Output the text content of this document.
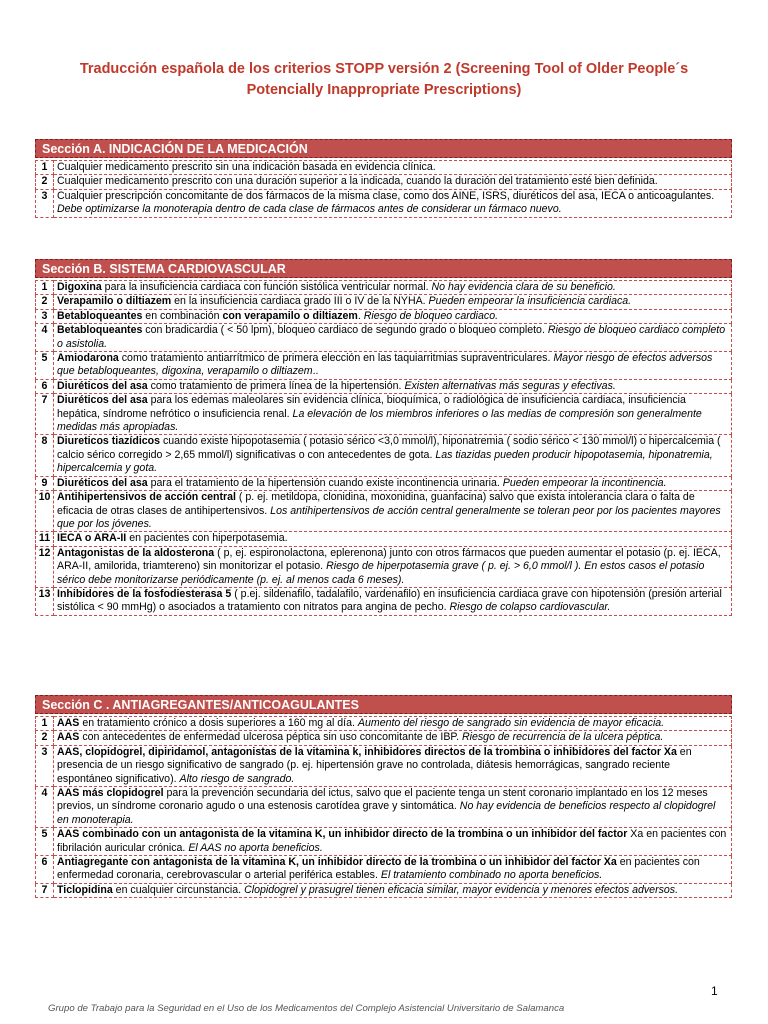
Traducción española de los criterios STOPP versión 2 (Screening Tool of Older People´s
Potencially Inappropriate Prescriptions)
Sección A. INDICACIÓN DE LA MEDICACIÓN
1	Cualquier medicamento prescrito sin una indicación basada en evidencia clínica.
2	Cualquier medicamento prescrito con una duración superior a la indicada, cuando la duración del tratamiento esté bien definida.
3	Cualquier prescripción concomitante de dos fármacos de la misma clase, como dos AINE, ISRS, diuréticos del asa, IECA o anticoagulantes. Debe optimizarse la monoterapia dentro de cada clase de fármacos antes de considerar un fármaco nuevo.
Sección B. SISTEMA CARDIOVASCULAR
1	Digoxina para la insuficiencia cardiaca con función sistólica ventricular normal. No hay evidencia clara de su beneficio.
2	Verapamilo o diltiazem en la insuficiencia cardiaca grado III o IV de la NYHA. Pueden empeorar la insuficiencia cardiaca.
3	Betabloqueantes en combinación con verapamilo o diltiazem. Riesgo de bloqueo cardiaco.
4	Betabloqueantes con bradicardia ( < 50 lpm), bloqueo cardiaco de segundo grado o bloqueo completo. Riesgo de bloqueo cardiaco completo o asistolia.
5	Amiodarona como tratamiento antiarrítmico de primera elección en las taquiarritmias supraventriculares. Mayor riesgo de efectos adversos que betabloqueantes, digoxina, verapamilo o diltiazem..
6	Diuréticos del asa como tratamiento de primera línea de la hipertensión. Existen alternativas más seguras y efectivas.
7	Diuréticos del asa para los edemas maleolares sin evidencia clínica, bioquímica, o radiológica de insuficiencia cardiaca, insuficiencia hepática, síndrome nefrótico o insuficiencia renal. La elevación de los miembros inferiores o las medias de compresión son generalmente medidas más apropiadas.
8	Diureticos tiazídicos cuando existe hipopotasemia ( potasio sérico <3,0 mmol/l), hiponatremia ( sodio sérico < 130 mmol/l) o hipercalcemia ( calcio sérico corregido > 2,65 mmol/l) significativas o con antecedentes de gota. Las tiazidas pueden producir hipopotasemia, hiponatremia, hipercalcemia y gota.
9	Diuréticos del asa para el tratamiento de la hipertensión cuando existe incontinencia urinaria. Pueden empeorar la incontinencia.
10	Antihipertensivos de acción central ( p. ej. metildopa, clonidina, moxonidina, guanfacina) salvo que exista intolerancia clara o falta de eficacia de otras clases de antihipertensivos. Los antihipertensivos de acción central generalmente se toleran peor por los pacientes mayores que por los jóvenes.
11	IECA o ARA-II en pacientes con hiperpotasemia.
12	Antagonistas de la aldosterona ( p, ej. espironolactona, eplerenona) junto con otros fármacos que pueden aumentar el potasio (p. ej. IECA, ARA-II, amilorida, triamtereno) sin monitorizar el potasio. Riesgo de hiperpotasemia grave ( p. ej. > 6,0 mmol/l ). En estos casos el potasio sérico debe monitorizarse periódicamente (p. ej. al menos cada 6 meses).
13	Inhibidores de la fosfodiesterasa 5 ( p.ej. sildenafilo, tadalafilo, vardenafilo) en insuficiencia cardiaca grave con hipotensión (presión arterial sistólica < 90 mmHg) o asociados a tratamiento con nitratos para angina de pecho. Riesgo de colapso cardiovascular.
Sección C . ANTIAGREGANTES/ANTICOAGULANTES
1	AAS en tratamiento crónico a dosis superiores a 160 mg al día. Aumento del riesgo de sangrado sin evidencia de mayor eficacia.
2	AAS con antecedentes de enfermedad ulcerosa péptica sin uso concomitante de IBP. Riesgo de recurrencia de la ulcera péptica.
3	AAS, clopidogrel, dipiridamol, antagonistas de la vitamina k, inhibidores directos de la trombina o inhibidores del factor Xa en presencia de un riesgo significativo de sangrado (p. ej. hipertensión grave no controlada, diátesis hemorrágicas, sangrado reciente espontáneo significativo). Alto riesgo de sangrado.
4	AAS más clopidogrel para la prevención secundaria del ictus, salvo que el paciente tenga un stent coronario implantado en los 12 meses previos, un síndrome coronario agudo o una estenosis carotídea grave y sintomática. No hay evidencia de beneficios respecto al clopidogrel en monoterapia.
5	AAS combinado con un antagonista de la vitamina K, un inhibidor directo de la trombina o un inhibidor del factor Xa en pacientes con fibrilación auricular crónica. El AAS no aporta beneficios.
6	Antiagregante con antagonista de la vitamina K, un inhibidor directo de la trombina o un inhibidor del factor Xa en pacientes con enfermedad coronaria, cerebrovascular o arterial periférica estables. El tratamiento combinado no aporta beneficios.
7	Ticlopidina en cualquier circunstancia. Clopidogrel y prasugrel tienen eficacia similar, mayor evidencia y menores efectos adversos.
1
Grupo de Trabajo para la Seguridad en el Uso de los Medicamentos del Complejo Asistencial Universitario de Salamanca
